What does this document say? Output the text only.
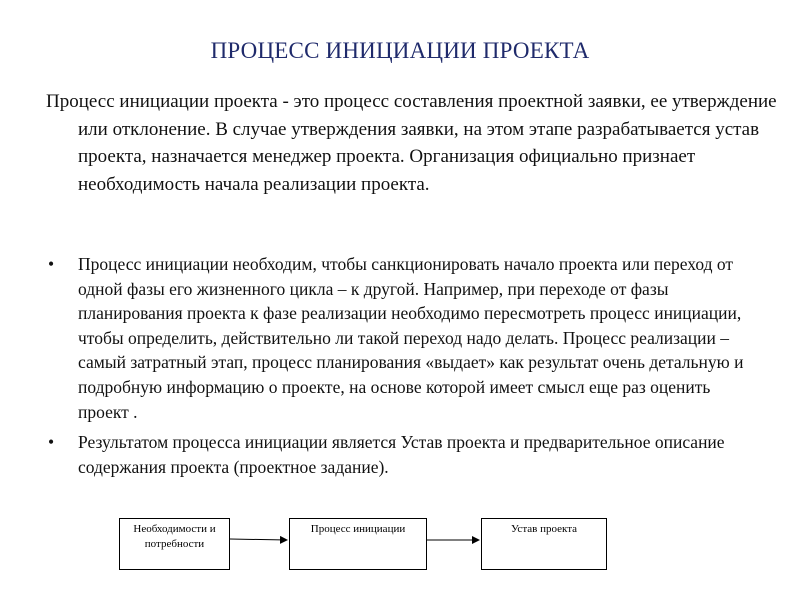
ПРОЦЕСС ИНИЦИАЦИИ ПРОЕКТА
Процесс инициации проекта - это процесс составления проектной заявки, ее утверждение или отклонение. В случае утверждения заявки, на этом этапе разрабатывается устав проекта, назначается менеджер проекта. Организация официально признает необходимость начала реализации проекта.
• Процесс инициации необходим, чтобы санкционировать начало проекта или переход от одной фазы его жизненного цикла – к другой. Например, при переходе от фазы планирования проекта к фазе реализации необходимо пересмотреть процесс инициации, чтобы определить, действительно ли такой переход надо делать. Процесс реализации – самый затратный этап, процесс планирования «выдает» как результат очень детальную и подробную информацию о проекте, на основе которой имеет смысл еще раз оценить проект .
• Результатом процесса инициации является Устав проекта и предварительное описание содержания проекта (проектное задание).
Необходимости и потребности
Процесс инициации	Устав проекта
